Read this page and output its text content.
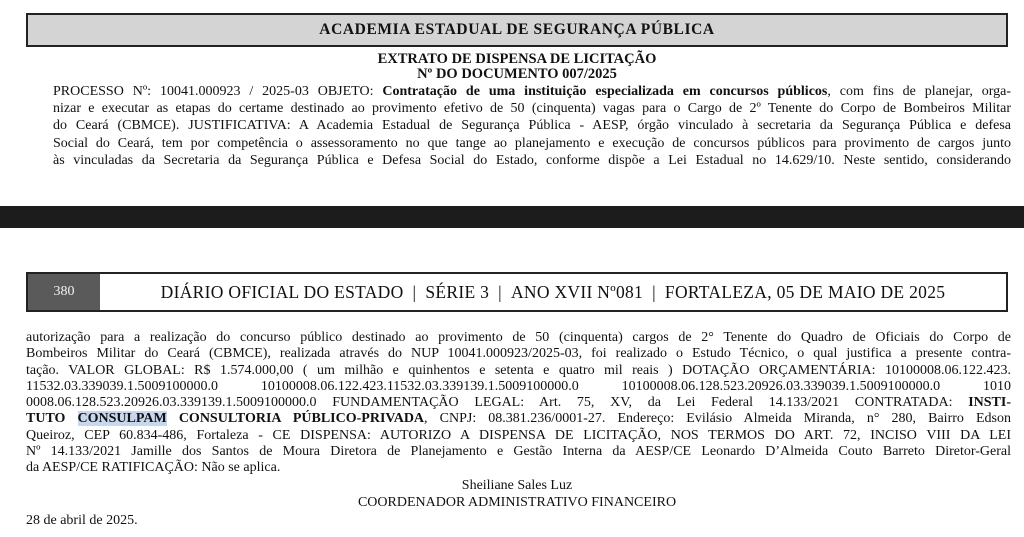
ACADEMIA ESTADUAL DE SEGURANÇA PÚBLICA
EXTRATO DE DISPENSA DE LICITAÇÃO
Nº DO DOCUMENTO 007/2025
PROCESSO Nº: 10041.000923 / 2025-03 OBJETO: Contratação de uma instituição especializada em concursos públicos, com fins de planejar, orga-
nizar e executar as etapas do certame destinado ao provimento efetivo de 50 (cinquenta) vagas para o Cargo de 2º Tenente do Corpo de Bombeiros Militar
do Ceará (CBMCE). JUSTIFICATIVA: A Academia Estadual de Segurança Pública - AESP, órgão vinculado à secretaria da Segurança Pública e defesa
Social do Ceará, tem por competência o assessoramento no que tange ao planejamento e execução de concursos públicos para provimento de cargos junto
às vinculadas da Secretaria da Segurança Pública e Defesa Social do Estado, conforme dispõe a Lei Estadual no 14.629/10. Neste sentido, considerando
380	DIÁRIO OFICIAL DO ESTADO | SÉRIE 3 | ANO XVII Nº081 | FORTALEZA, 05 DE MAIO DE 2025
autorização para a realização do concurso público destinado ao provimento de 50 (cinquenta) cargos de 2° Tenente do Quadro de Oficiais do Corpo de
Bombeiros Militar do Ceará (CBMCE), realizada através do NUP 10041.000923/2025-03, foi realizado o Estudo Técnico, o qual justifica a presente contra-
tação. VALOR GLOBAL: R$ 1.574.000,00 ( um milhão e quinhentos e setenta e quatro mil reais ) DOTAÇÃO ORÇAMENTÁRIA: 10100008.06.122.423.
11532.03.339039.1.5009100000.0 10100008.06.122.423.11532.03.339139.1.5009100000.0 10100008.06.128.523.20926.03.339039.1.5009100000.0 1010
0008.06.128.523.20926.03.339139.1.5009100000.0 FUNDAMENTAÇÃO LEGAL: Art. 75, XV, da Lei Federal 14.133/2021 CONTRATADA: INSTI-
TUTO CONSULPAM CONSULTORIA PÚBLICO-PRIVADA, CNPJ: 08.381.236/0001-27. Endereço: Evilásio Almeida Miranda, n° 280, Bairro Edson
Queiroz, CEP 60.834-486, Fortaleza - CE DISPENSA: AUTORIZO A DISPENSA DE LICITAÇÃO, NOS TERMOS DO ART. 72, INCISO VIII DA LEI
Nº 14.133/2021 Jamille dos Santos de Moura Diretora de Planejamento e Gestão Interna da AESP/CE Leonardo D’Almeida Couto Barreto Diretor-Geral
da AESP/CE RATIFICAÇÃO: Não se aplica.
Sheiliane Sales Luz
COORDENADOR ADMINISTRATIVO FINANCEIRO
28 de abril de 2025.
